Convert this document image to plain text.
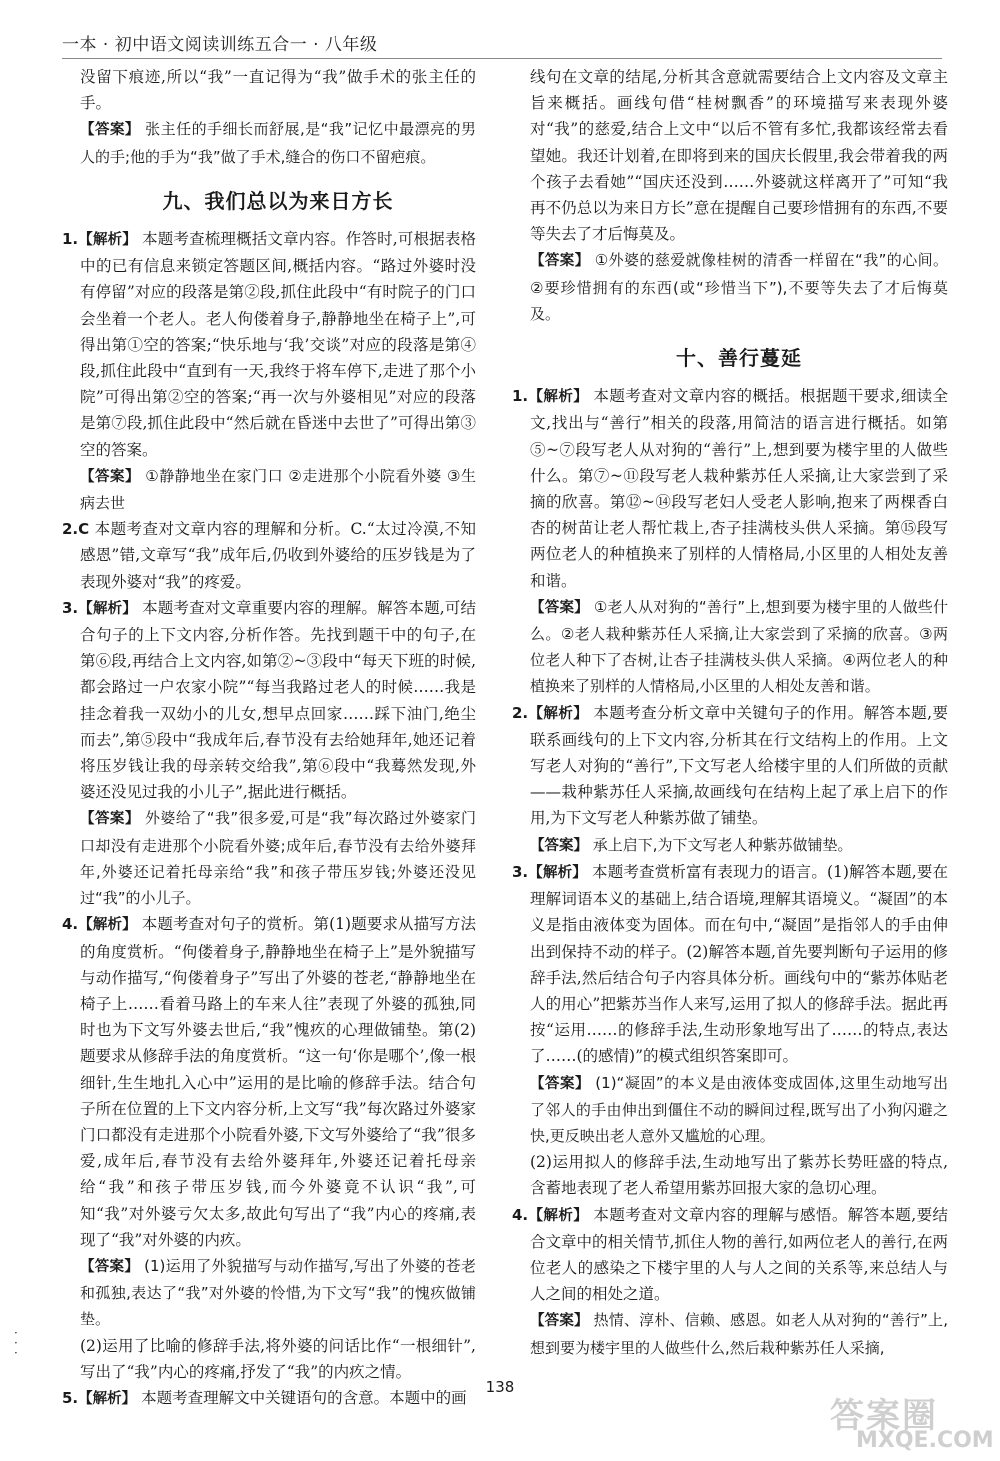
一本 · 初中语文阅读训练五合一 · 八年级

没留下痕迹,所以“我”一直记得为“我”做手术的张主任的手。

【答案】 张主任的手细长而舒展,是“我”记忆中最漂亮的男人的手;他的手为“我”做了手术,缝合的伤口不留疤痕。

九、我们总以为来日方长

1.【解析】 本题考查梳理概括文章内容。作答时,可根据表格中的已有信息来锁定答题区间,概括内容。“路过外婆时没有停留”对应的段落是第②段,抓住此段中“有时院子的门口会坐着一个老人。老人佝偻着身子,静静地坐在椅子上”,可得出第①空的答案;“快乐地与‘我’交谈”对应的段落是第④段,抓住此段中“直到有一天,我终于将车停下,走进了那个小院”可得出第②空的答案;“再一次与外婆相见”对应的段落是第⑦段,抓住此段中“然后就在昏迷中去世了”可得出第③空的答案。

【答案】 ①静静地坐在家门口 ②走进那个小院看外婆 ③生病去世

2.C 本题考查对文章内容的理解和分析。C.“太过冷漠,不知感恩”错,文章写“我”成年后,仍收到外婆给的压岁钱是为了表现外婆对“我”的疼爱。

3.【解析】 本题考查对文章重要内容的理解。解答本题,可结合句子的上下文内容,分析作答。先找到题干中的句子,在第⑥段,再结合上文内容,如第②~③段中“每天下班的时候,都会路过一户农家小院”“每当我路过老人的时候……我是挂念着我一双幼小的儿女,想早点回家……踩下油门,绝尘而去”,第⑤段中“我成年后,春节没有去给她拜年,她还记着将压岁钱让我的母亲转交给我”,第⑥段中“我蓦然发现,外婆还没见过我的小儿子”,据此进行概括。

【答案】 外婆给了“我”很多爱,可是“我”每次路过外婆家门口却没有走进那个小院看外婆;成年后,春节没有去给外婆拜年,外婆还记着托母亲给“我”和孩子带压岁钱;外婆还没见过“我”的小儿子。

4.【解析】 本题考查对句子的赏析。第(1)题要求从描写方法的角度赏析。“佝偻着身子,静静地坐在椅子上”是外貌描写与动作描写,“佝偻着身子”写出了外婆的苍老,“静静地坐在椅子上……看着马路上的车来人往”表现了外婆的孤独,同时也为下文写外婆去世后,“我”愧疚的心理做铺垫。第(2)题要求从修辞手法的角度赏析。“这一句‘你是哪个’,像一根细针,生生地扎入心中”运用的是比喻的修辞手法。结合句子所在位置的上下文内容分析,上文写“我”每次路过外婆家门口都没有走进那个小院看外婆,下文写外婆给了“我”很多爱,成年后,春节没有去给外婆拜年,外婆还记着托母亲给“我”和孩子带压岁钱,而今外婆竟不认识“我”,可知“我”对外婆亏欠太多,故此句写出了“我”内心的疼痛,表现了“我”对外婆的内疚。

【答案】 (1)运用了外貌描写与动作描写,写出了外婆的苍老和孤独,表达了“我”对外婆的怜惜,为下文写“我”的愧疚做铺垫。

(2)运用了比喻的修辞手法,将外婆的问话比作“一根细针”,写出了“我”内心的疼痛,抒发了“我”的内疚之情。

5.【解析】 本题考查理解文中关键语句的含意。本题中的画

线句在文章的结尾,分析其含意就需要结合上文内容及文章主旨来概括。画线句借“桂树飘香”的环境描写来表现外婆对“我”的慈爱,结合上文中“以后不管有多忙,我都该经常去看望她。我还计划着,在即将到来的国庆长假里,我会带着我的两个孩子去看她”“国庆还没到……外婆就这样离开了”可知“我再不仍总以为来日方长”意在提醒自己要珍惜拥有的东西,不要等失去了才后悔莫及。

【答案】 ①外婆的慈爱就像桂树的清香一样留在“我”的心间。②要珍惜拥有的东西(或“珍惜当下”),不要等失去了才后悔莫及。

十、善行蔓延

1.【解析】 本题考查对文章内容的概括。根据题干要求,细读全文,找出与“善行”相关的段落,用简洁的语言进行概括。如第⑤~⑦段写老人从对狗的“善行”上,想到要为楼宇里的人做些什么。第⑦~⑪段写老人栽种紫苏任人采摘,让大家尝到了采摘的欣喜。第⑫~⑭段写老妇人受老人影响,抱来了两棵香白杏的树苗让老人帮忙栽上,杏子挂满枝头供人采摘。第⑮段写两位老人的种植换来了别样的人情格局,小区里的人相处友善和谐。

【答案】 ①老人从对狗的“善行”上,想到要为楼宇里的人做些什么。②老人栽种紫苏任人采摘,让大家尝到了采摘的欣喜。③两位老人种下了杏树,让杏子挂满枝头供人采摘。④两位老人的种植换来了别样的人情格局,小区里的人相处友善和谐。

2.【解析】 本题考查分析文章中关键句子的作用。解答本题,要联系画线句的上下文内容,分析其在行文结构上的作用。上文写老人对狗的“善行”,下文写老人给楼宇里的人们所做的贡献——栽种紫苏任人采摘,故画线句在结构上起了承上启下的作用,为下文写老人种紫苏做了铺垫。

【答案】 承上启下,为下文写老人种紫苏做铺垫。

3.【解析】 本题考查赏析富有表现力的语言。(1)解答本题,要在理解词语本义的基础上,结合语境,理解其语境义。“凝固”的本义是指由液体变为固体。而在句中,“凝固”是指邻人的手由伸出到保持不动的样子。(2)解答本题,首先要判断句子运用的修辞手法,然后结合句子内容具体分析。画线句中的“紫苏体贴老人的用心”把紫苏当作人来写,运用了拟人的修辞手法。据此再按“运用……的修辞手法,生动形象地写出了……的特点,表达了……(的感情)”的模式组织答案即可。

【答案】 (1)“凝固”的本义是由液体变成固体,这里生动地写出了邻人的手由伸出到僵住不动的瞬间过程,既写出了小狗闪避之快,更反映出老人意外又尴尬的心理。

(2)运用拟人的修辞手法,生动地写出了紫苏长势旺盛的特点,含蓄地表现了老人希望用紫苏回报大家的急切心理。

4.【解析】 本题考查对文章内容的理解与感悟。解答本题,要结合文章中的相关情节,抓住人物的善行,如两位老人的善行,在两位老人的感染之下楼宇里的人与人之间的关系等,来总结人与人之间的相处之道。

【答案】 热情、淳朴、信赖、感恩。如老人从对狗的“善行”上,想到要为楼宇里的人做些什么,然后栽种紫苏任人采摘,

·
·
·
138
答案圈
MXQE.COM
